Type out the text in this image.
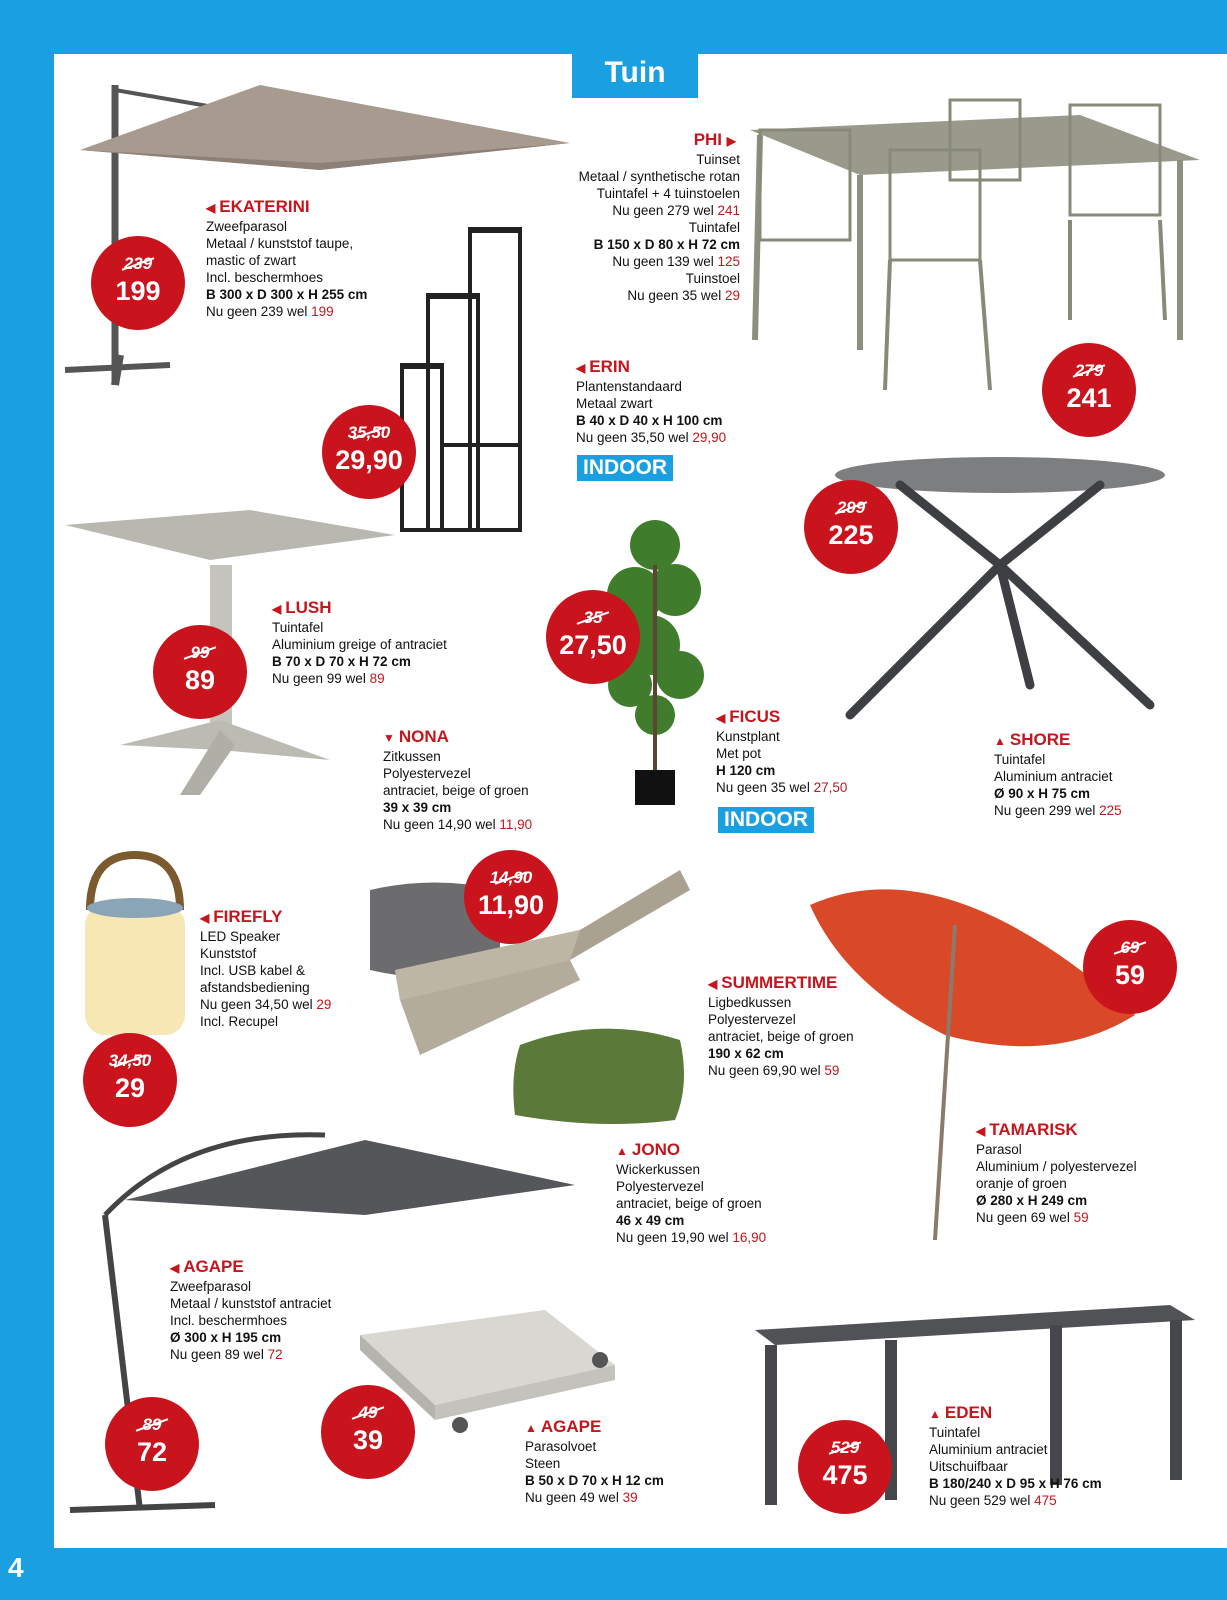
Tuin
4
239
199
35,50
29,90
279
241
299
225
99
89
35
27,50
14,90
11,90
34,50
29
69
59
89
72
49
39	529
475
◀ EKATERINI
Zweefparasol
Metaal / kunststof taupe,
mastic of zwart
Incl. beschermhoes
B 300 x D 300 x H 255 cm
Nu geen 239 wel 199
PHI ▶
Tuinset
Metaal / synthetische rotan
Tuintafel + 4 tuinstoelen
Nu geen 279 wel 241
Tuintafel
B 150 x D 80 x H 72 cm
Nu geen 139 wel 125
Tuinstoel
Nu geen 35 wel 29
◀ ERIN
Plantenstandaard
Metaal zwart
B 40 x D 40 x H 100 cm
Nu geen 35,50 wel 29,90
INDOOR
◀ LUSH
Tuintafel
Aluminium greige of antraciet
B 70 x D 70 x H 72 cm
Nu geen 99 wel 89
◀ FICUS
Kunstplant
Met pot
H 120 cm
Nu geen 35 wel 27,50
INDOOR
▲ SHORE
Tuintafel
Aluminium antraciet
Ø 90 x H 75 cm
Nu geen 299 wel 225
▼ NONA
Zitkussen
Polyestervezel
antraciet, beige of groen
39 x 39 cm
Nu geen 14,90 wel 11,90
◀ FIREFLY
LED Speaker
Kunststof
Incl. USB kabel &
afstandsbediening
Nu geen 34,50 wel 29
Incl. Recupel
◀ SUMMERTIME
Ligbedkussen
Polyestervezel
antraciet, beige of groen
190 x 62 cm
Nu geen 69,90 wel 59
◀ TAMARISK
Parasol
Aluminium / polyestervezel
oranje of groen
Ø 280 x H 249 cm
Nu geen 69 wel 59
▲ JONO
Wickerkussen
Polyestervezel
antraciet, beige of groen
46 x 49 cm
Nu geen 19,90 wel 16,90
◀ AGAPE
Zweefparasol
Metaal / kunststof antraciet
Incl. beschermhoes
Ø 300 x H 195 cm
Nu geen 89 wel 72
▲ AGAPE
Parasolvoet
Steen
B 50 x D 70 x H 12 cm
Nu geen 49 wel 39
▲ EDEN
Tuintafel
Aluminium antraciet
Uitschuifbaar
B 180/240 x D 95 x H 76 cm
Nu geen 529 wel 475
